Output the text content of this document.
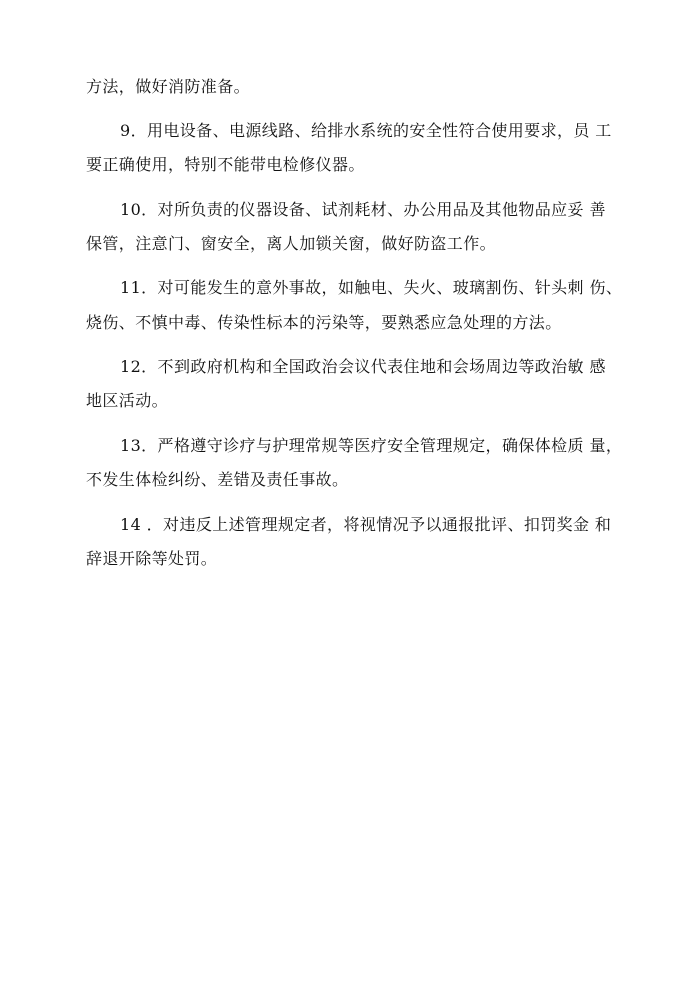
方法，做好消防准备。
9．用电设备、电源线路、给排水系统的安全性符合使用要求，员 工
要正确使用，特别不能带电检修仪器。
10．对所负责的仪器设备、试剂耗材、办公用品及其他物品应妥 善
保管，注意门、窗安全，离人加锁关窗，做好防盗工作。
11．对可能发生的意外事故，如触电、失火、玻璃割伤、针头刺 伤、
烧伤、不慎中毒、传染性标本的污染等，要熟悉应急处理的方法。
12．不到政府机构和全国政治会议代表住地和会场周边等政治敏 感
地区活动。
13．严格遵守诊疗与护理常规等医疗安全管理规定，确保体检质 量，
不发生体检纠纷、差错及责任事故。
14 ．对违反上述管理规定者，将视情况予以通报批评、扣罚奖金 和
辞退开除等处罚。
